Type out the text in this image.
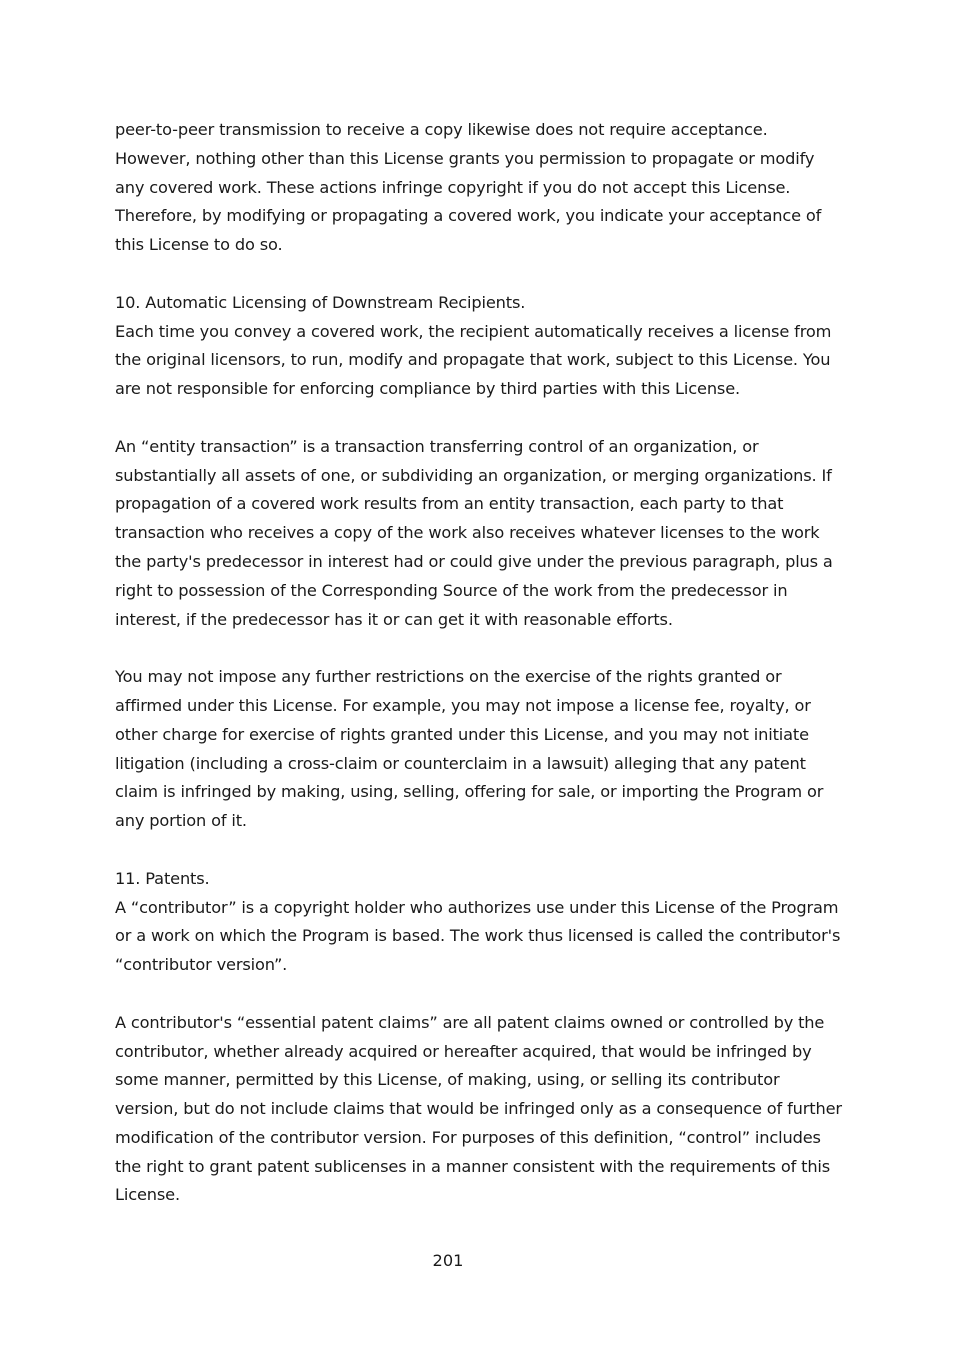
peer-to-peer transmission to receive a copy likewise does not require acceptance. However, nothing other than this License grants you permission to propagate or modify any covered work. These actions infringe copyright if you do not accept this License. Therefore, by modifying or propagating a covered work, you indicate your acceptance of this License to do so.

10. Automatic Licensing of Downstream Recipients.
Each time you convey a covered work, the recipient automatically receives a license from the original licensors, to run, modify and propagate that work, subject to this License. You are not responsible for enforcing compliance by third parties with this License.

An “entity transaction” is a transaction transferring control of an organization, or substantially all assets of one, or subdividing an organization, or merging organizations. If propagation of a covered work results from an entity transaction, each party to that transaction who receives a copy of the work also receives whatever licenses to the work the party's predecessor in interest had or could give under the previous paragraph, plus a right to possession of the Corresponding Source of the work from the predecessor in interest, if the predecessor has it or can get it with reasonable efforts.

You may not impose any further restrictions on the exercise of the rights granted or affirmed under this License. For example, you may not impose a license fee, royalty, or other charge for exercise of rights granted under this License, and you may not initiate litigation (including a cross-claim or counterclaim in a lawsuit) alleging that any patent claim is infringed by making, using, selling, offering for sale, or importing the Program or any portion of it.

11. Patents.
A “contributor” is a copyright holder who authorizes use under this License of the Program or a work on which the Program is based. The work thus licensed is called the contributor's “contributor version”.

A contributor's “essential patent claims” are all patent claims owned or controlled by the contributor, whether already acquired or hereafter acquired, that would be infringed by some manner, permitted by this License, of making, using, or selling its contributor version, but do not include claims that would be infringed only as a consequence of further modification of the contributor version. For purposes of this definition, “control” includes the right to grant patent sublicenses in a manner consistent with the requirements of this License.

201
